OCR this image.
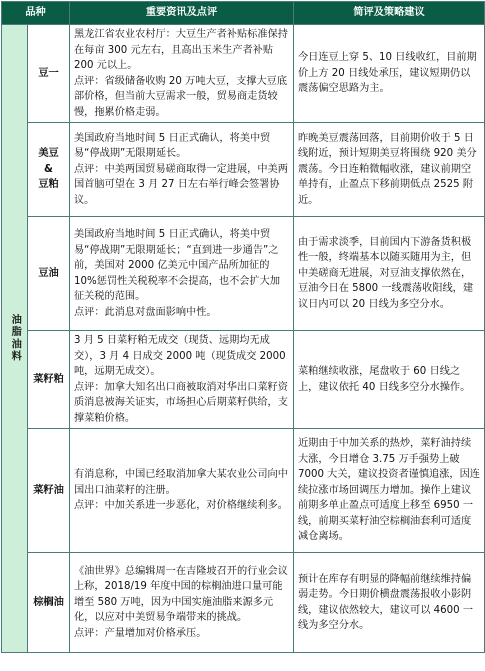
品种		重要资讯及点评	简评及策略建议

油脂油料	豆一	黑龙江省农业农村厅：大豆生产者补贴标准保持在每亩 300 元左右，且高出玉米生产者补贴 200 元以上。
点评：省级储备收购 20 万吨大豆，支撑大豆底部价格，但当前大豆需求一般，贸易商走货较慢，拖累价格走弱。	今日连豆上穿 5、10 日线收红，目前期价上方 20 日线处承压，建议短期仍以震荡偏空思路为主。

	美豆
&
豆粕	美国政府当地时间 5 日正式确认，将美中贸易“停战期”无限期延长。
点评：中美两国贸易磋商取得一定进展，中美两国首脑可望在 3 月 27 日左右举行峰会签署协议。	昨晚美豆震荡回落，目前期价收于 5 日线附近，预计短期美豆将围绕 920 美分震荡。今日连粕微幅收涨，建议前期空单持有，止盈点下移前期低点 2525 附近。
	豆油	美国政府当地时间 5 日正式确认，将美中贸易“停战期”无限期延长；“直到进一步通告”之前，美国对 2000 亿美元中国产品所加征的 10%惩罚性关税税率不会提高，也不会扩大加征关税的范围。
点评：此消息对盘面影响中性。	由于需求淡季，目前国内下游备货积极性一般，终端基本以随买随用为主，但中美磋商无进展，对豆油支撑依然在，豆油今日在 5800 一线震荡收阳线，建议日内可以 20 日线为多空分水。
	菜籽粕	3 月 5 日菜籽粕无成交（现货、远期均无成交），3 月 4 日成交 2000 吨（现货成交 2000 吨，远期无成交）。
点评：加拿大知名出口商被取消对华出口菜籽资质消息被海关证实，市场担心后期菜籽供给，支撑菜粕价格。	菜粕继续收涨，尾盘收于 60 日线之上，建议依托 40 日线多空分水操作。
	菜籽油	有消息称，中国已经取消加拿大某农业公司向中国出口油菜籽的注册。
点评：中加关系进一步恶化，对价格继续利多。	近期由于中加关系的热炒，菜籽油持续大涨，今日增仓 3.75 万手强势上破 7000 大关，建议投资者谨慎追涨，因连续拉涨市场回调压力增加。操作上建议前期多单止盈点可适度上移至 6950 一线，前期买菜籽油空棕榈油套利可适度减仓离场。
	棕榈油	《油世界》总编辑周一在吉隆坡召开的行业会议上称，2018/19 年度中国的棕榈油进口量可能增至 580 万吨，因为中国实施油脂来源多元化，以应对中美贸易争端带来的挑战。
点评：产量增加对价格承压。	预计在库存有明显的降幅前继续维持偏弱走势。今日期价横盘震荡报收小影阴线，建议依然较大，建议可以 4600 一线为多空分水。
